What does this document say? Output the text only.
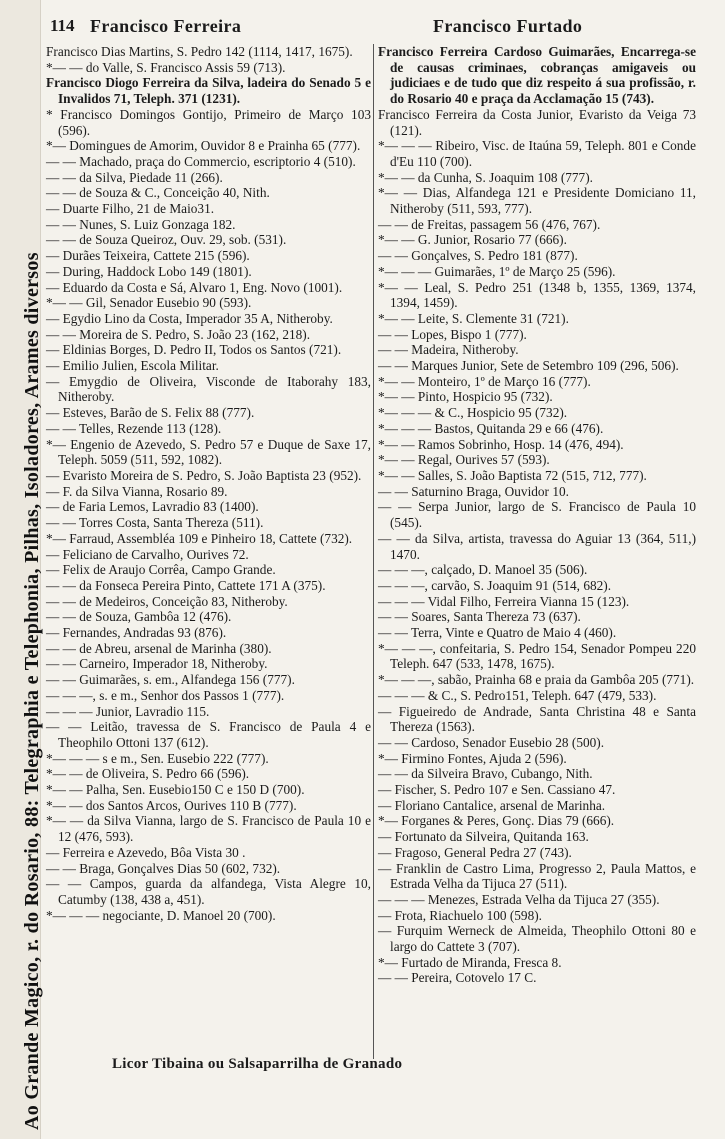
Ao Grande Magico, r. do Rosario, 88: Telegraphia e Telephonia, Pilhas, Isoladores, Arames diversos
114 Francisco Ferreira	Francisco Furtado

Francisco Dias Martins, S. Pedro 142 (1114, 1417, 1675).

*— — do Valle, S. Francisco Assis 59 (713).

Francisco Diogo Ferreira da Silva, ladeira do Senado 5 e Invalidos 71, Teleph. 371 (1231).

* Francisco Domingos Gontijo, Primeiro de Março 103 (596).

*— Domingues de Amorim, Ouvidor 8 e Prainha 65 (777).

— — Machado, praça do Commercio, escriptorio 4 (510).

— — da Silva, Piedade 11 (266).

— — de Souza & C., Conceição 40, Nith.

— Duarte Filho, 21 de Maio31.

— — Nunes, S. Luiz Gonzaga 182.

— — de Souza Queiroz, Ouv. 29, sob. (531).

— Durães Teixeira, Cattete 215 (596).

— During, Haddock Lobo 149 (1801).

— Eduardo da Costa e Sá, Alvaro 1, Eng. Novo (1001).

*— — Gil, Senador Eusebio 90 (593).

— Egydio Lino da Costa, Imperador 35 A, Nitheroby.

— — Moreira de S. Pedro, S. João 23 (162, 218).

— Eldinias Borges, D. Pedro II, Todos os Santos (721).

— Emilio Julien, Escola Militar.

— Emygdio de Oliveira, Visconde de Itaborahy 183, Nitheroby.

— Esteves, Barão de S. Felix 88 (777).

— — Telles, Rezende 113 (128).

*— Engenio de Azevedo, S. Pedro 57 e Duque de Saxe 17, Teleph. 5059 (511, 592, 1082).

— Evaristo Moreira de S. Pedro, S. João Baptista 23 (952).

— F. da Silva Vianna, Rosario 89.

— de Faria Lemos, Lavradio 83 (1400).

— — Torres Costa, Santa Thereza (511).

*— Farraud, Assembléa 109 e Pinheiro 18, Cattete (732).

— Feliciano de Carvalho, Ourives 72.

— Felix de Araujo Corrêa, Campo Grande.

— — da Fonseca Pereira Pinto, Cattete 171 A (375).

— — de Medeiros, Conceição 83, Nitheroby.

— — de Souza, Gambôa 12 (476).

— Fernandes, Andradas 93 (876).

— — de Abreu, arsenal de Marinha (380).

— — Carneiro, Imperador 18, Nitheroby.

— — Guimarães, s. em., Alfandega 156 (777).

— — —, s. e m., Senhor dos Passos 1 (777).

— — — Junior, Lavradio 115.

— — Leitão, travessa de S. Francisco de Paula 4 e Theophilo Ottoni 137 (612).

*— — — s e m., Sen. Eusebio 222 (777).

*— — de Oliveira, S. Pedro 66 (596).

*— — Palha, Sen. Eusebio150 C e 150 D (700).

*— — dos Santos Arcos, Ourives 110 B (777).

*— — da Silva Vianna, largo de S. Francisco de Paula 10 e 12 (476, 593).

— Ferreira e Azevedo, Bôa Vista 30 .

— — Braga, Gonçalves Dias 50 (602, 732).

— — Campos, guarda da alfandega, Vista Alegre 10, Catumby (138, 438 a, 451).

*— — — negociante, D. Manoel 20 (700).

Francisco Ferreira Cardoso Guimarães, Encarrega-se de causas criminaes, cobranças amigaveis ou judiciaes e de tudo que diz respeito á sua profissão, r. do Rosario 40 e praça da Acclamação 15 (743).

Francisco Ferreira da Costa Junior, Evaristo da Veiga 73 (121).

*— — — Ribeiro, Visc. de Itaúna 59, Teleph. 801 e Conde d'Eu 110 (700).

*— — da Cunha, S. Joaquim 108 (777).

*— — Dias, Alfandega 121 e Presidente Domiciano 11, Nitheroby (511, 593, 777).

— — de Freitas, passagem 56 (476, 767).

*— — G. Junior, Rosario 77 (666).

— — Gonçalves, S. Pedro 181 (877).

*— — — Guimarães, 1º de Março 25 (596).

*— — Leal, S. Pedro 251 (1348 b, 1355, 1369, 1374, 1394, 1459).

*— — Leite, S. Clemente 31 (721).

— — Lopes, Bispo 1 (777).

— — Madeira, Nitheroby.

— — Marques Junior, Sete de Setembro 109 (296, 506).

*— — Monteiro, 1º de Março 16 (777).

*— — Pinto, Hospicio 95 (732).

*— — — & C., Hospicio 95 (732).

*— — — Bastos, Quitanda 29 e 66 (476).

*— — Ramos Sobrinho, Hosp. 14 (476, 494).

*— — Regal, Ourives 57 (593).

*— — Salles, S. João Baptista 72 (515, 712, 777).

— — Saturnino Braga, Ouvidor 10.

— — Serpa Junior, largo de S. Francisco de Paula 10 (545).

— — da Silva, artista, travessa do Aguiar 13 (364, 511,) 1470.

— — —, calçado, D. Manoel 35 (506).

— — —, carvão, S. Joaquim 91 (514, 682).

— — — Vidal Filho, Ferreira Vianna 15 (123).

— — Soares, Santa Thereza 73 (637).

— — Terra, Vinte e Quatro de Maio 4 (460).

*— — —, confeitaria, S. Pedro 154, Senador Pompeu 220 Teleph. 647 (533, 1478, 1675).

*— — —, sabão, Prainha 68 e praia da Gambôa 205 (771).

— — — & C., S. Pedro151, Teleph. 647 (479, 533).

— Figueiredo de Andrade, Santa Christina 48 e Santa Thereza (1563).

— — Cardoso, Senador Eusebio 28 (500).

*— Firmino Fontes, Ajuda 2 (596).

— — da Silveira Bravo, Cubango, Nith.

— Fischer, S. Pedro 107 e Sen. Cassiano 47.

— Floriano Cantalice, arsenal de Marinha.

*— Forganes & Peres, Gonç. Dias 79 (666).

— Fortunato da Silveira, Quitanda 163.

— Fragoso, General Pedra 27 (743).

— Franklin de Castro Lima, Progresso 2, Paula Mattos, e Estrada Velha da Tijuca 27 (511).

— — — Menezes, Estrada Velha da Tijuca 27 (355).

— Frota, Riachuelo 100 (598).

— Furquim Werneck de Almeida, Theophilo Ottoni 80 e largo do Cattete 3 (707).

*— Furtado de Miranda, Fresca 8.

— — Pereira, Cotovelo 17 C.

Licor Tibaina ou Salsaparrilha de Granado
